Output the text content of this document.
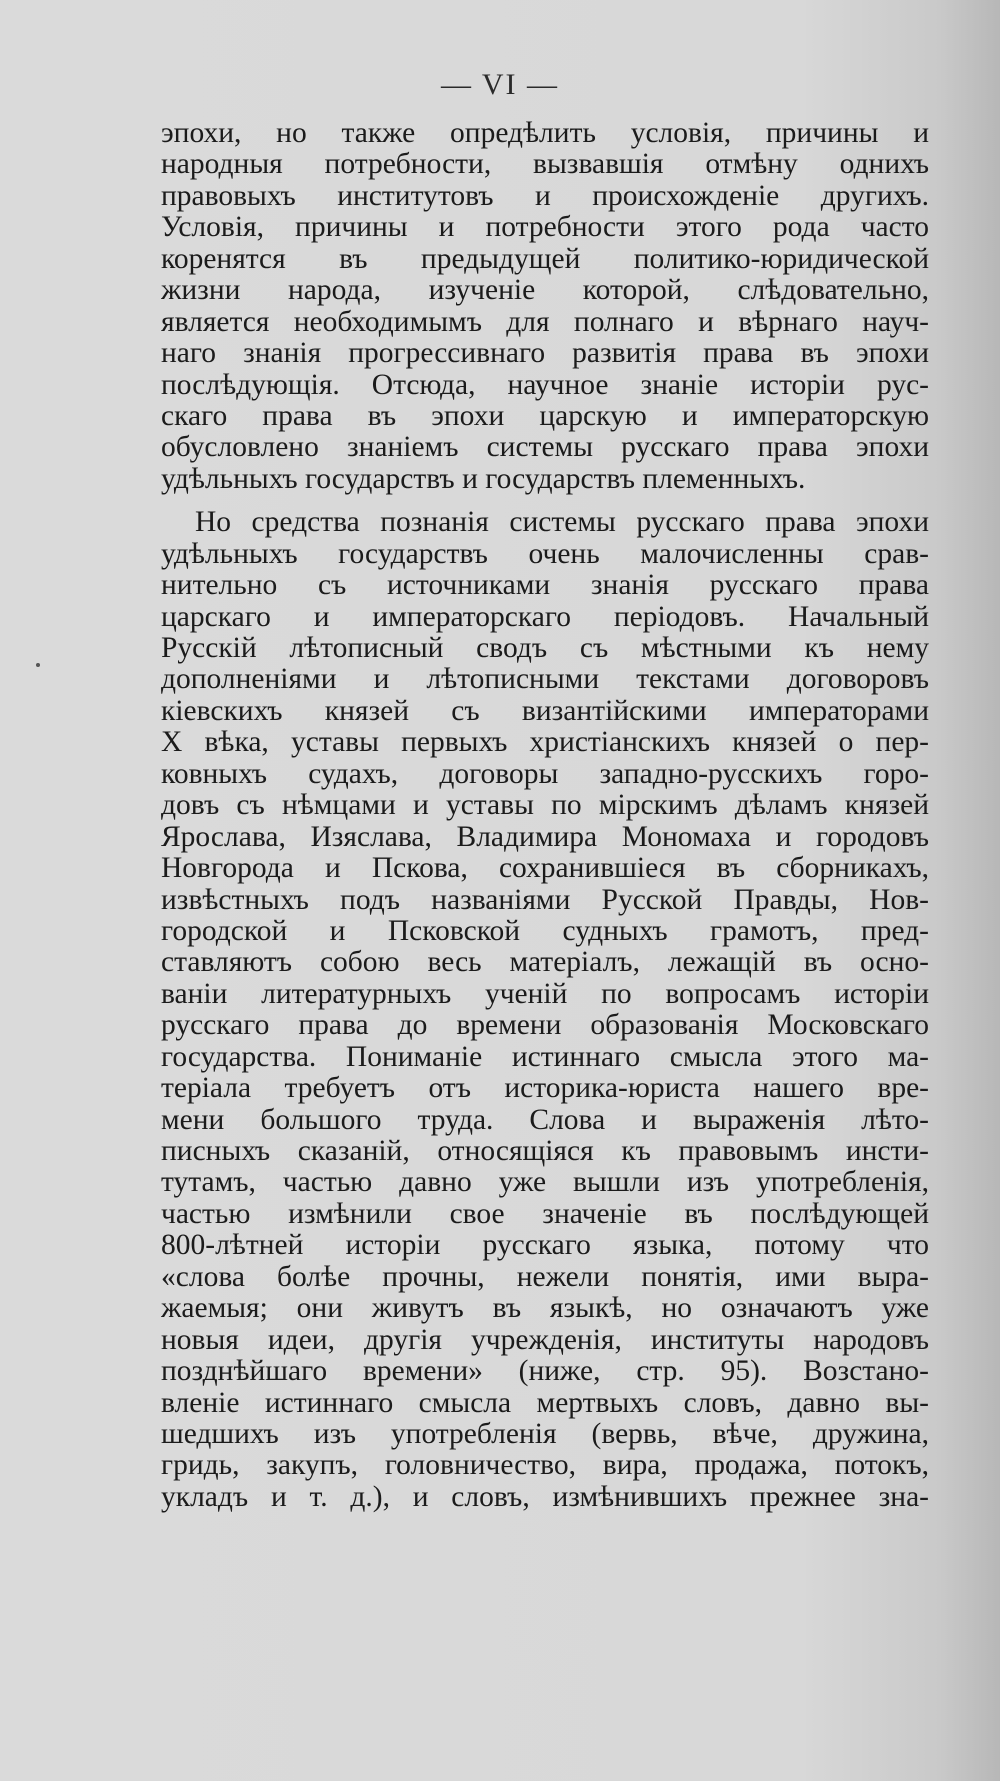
— VI —
эпохи, но также опредѣлить условія, причины и
народныя потребности, вызвавшія отмѣну однихъ
правовыхъ институтовъ и происхожденіе другихъ.
Условія, причины и потребности этого рода часто
коренятся въ предыдущей политико-юридической
жизни народа, изученіе которой, слѣдовательно,
является необходимымъ для полнаго и вѣрнаго науч-
наго знанія прогрессивнаго развитія права въ эпохи
послѣдующія. Отсюда, научное знаніе исторіи рус-
скаго права въ эпохи царскую и императорскую
обусловлено знаніемъ системы русскаго права эпохи
удѣльныхъ государствъ и государствъ племенныхъ.
Но средства познанія системы русскаго права эпохи
удѣльныхъ государствъ очень малочисленны срав-
нительно съ источниками знанія русскаго права
царскаго и императорскаго періодовъ. Начальный
Русскій лѣтописный сводъ съ мѣстными къ нему
дополненіями и лѣтописными текстами договоровъ
кіевскихъ князей съ византійскими императорами
X вѣка, уставы первыхъ христіанскихъ князей о пер-
ковныхъ судахъ, договоры западно-русскихъ горо-
довъ съ нѣмцами и уставы по мірскимъ дѣламъ князей
Ярослава, Изяслава, Владимира Мономаха и городовъ
Новгорода и Пскова, сохранившіеся въ сборникахъ,
извѣстныхъ подъ названіями Русской Правды, Нов-
городской и Псковской судныхъ грамотъ, пред-
ставляютъ собою весь матеріалъ, лежащій въ осно-
ваніи литературныхъ ученій по вопросамъ исторіи
русскаго права до времени образованія Московскаго
государства. Пониманіе истиннаго смысла этого ма-
теріала требуетъ отъ историка-юриста нашего вре-
мени большого труда. Слова и выраженія лѣто-
писныхъ сказаній, относящіяся къ правовымъ инсти-
тутамъ, частью давно уже вышли изъ употребленія,
частью измѣнили свое значеніе въ послѣдующей
800-лѣтней исторіи русскаго языка, потому что
«слова болѣе прочны, нежели понятія, ими выра-
жаемыя; они живутъ въ языкѣ, но означаютъ уже
новыя идеи, другія учрежденія, институты народовъ
позднѣйшаго времени» (ниже, стр. 95). Возстано-
вленіе истиннаго смысла мертвыхъ словъ, давно вы-
шедшихъ изъ употребленія (вервь, вѣче, дружина,
гридь, закупъ, головничество, вира, продажа, потокъ,
укладъ и т. д.), и словъ, измѣнившихъ прежнее зна-
